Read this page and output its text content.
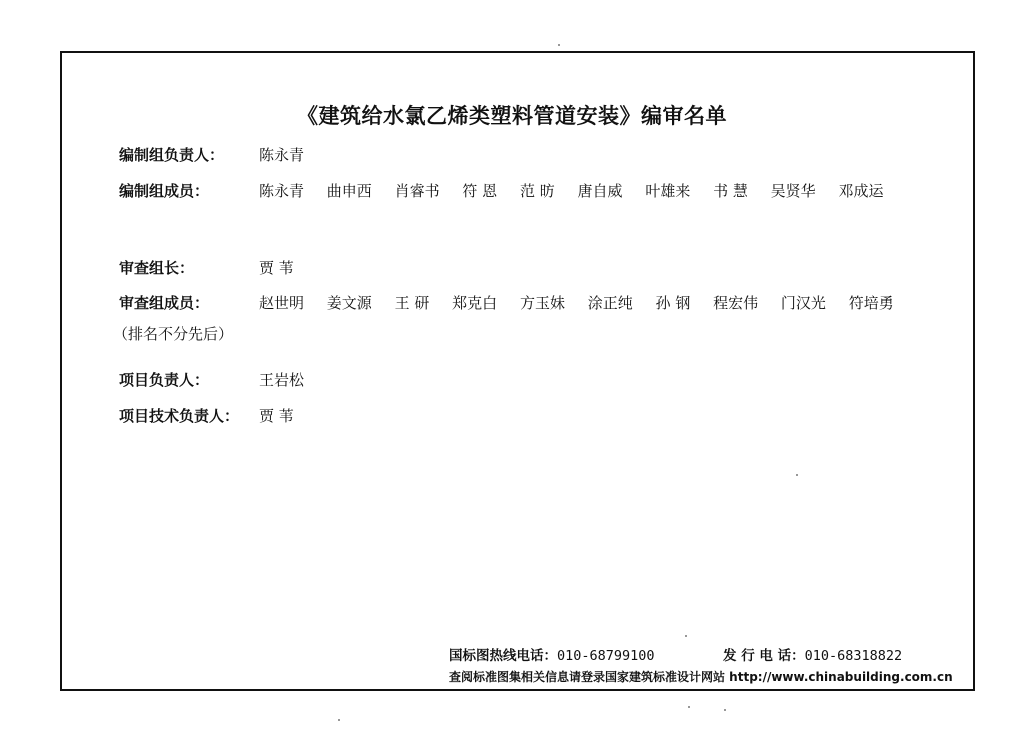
《建筑给水氯乙烯类塑料管道安装》编审名单
编制组负责人： 陈永青
编制组成员：	陈永青 曲申西 肖睿书 符 恩 范 昉 唐自威 叶雄来 书 慧 吴贤华 邓成运
审查组长：	贾 苇
审查组成员：	赵世明 姜文源 王 研 郑克白 方玉妹 涂正纯 孙 钢 程宏伟 门汉光 符培勇
（排名不分先后）
项目负责人：	王岩松
项目技术负责人： 贾 苇
国标图热线电话：010-68799100	发 行 电 话：010-68318822
查阅标准图集相关信息请登录国家建筑标准设计网站 http://www.chinabuilding.com.cn
